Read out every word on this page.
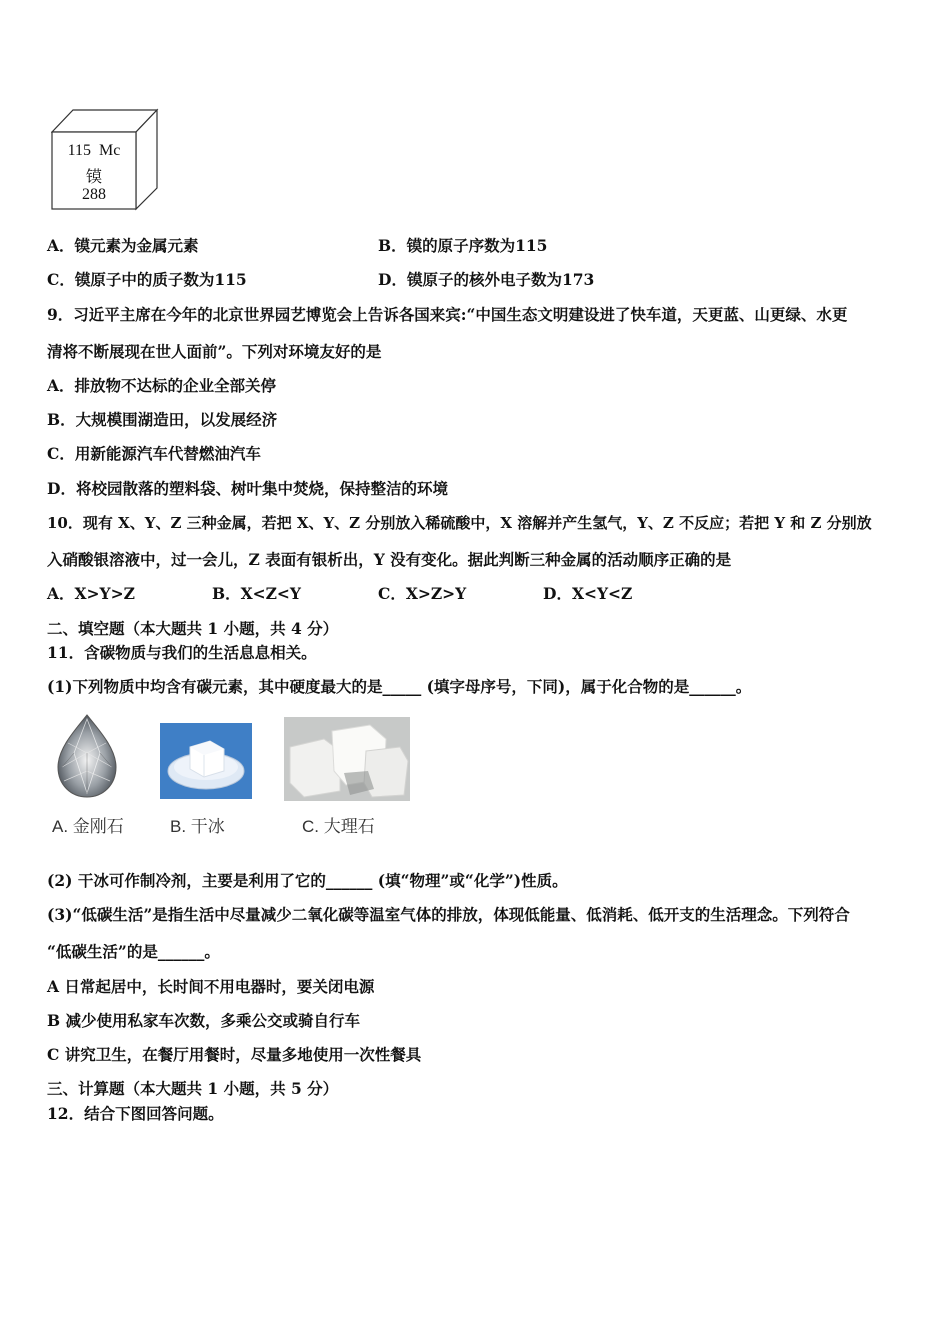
115 Mc
镆
288
A．镆元素为金属元素	B．镆的原子序数为115
C．镆原子中的质子数为115	D．镆原子的核外电子数为173
9．习近平主席在今年的北京世界园艺博览会上告诉各国来宾:“中国生态文明建设进了快车道，天更蓝、山更绿、水更
清将不断展现在世人面前”。下列对环境友好的是
A．排放物不达标的企业全部关停
B．大规模围湖造田，以发展经济
C．用新能源汽车代替燃油汽车
D．将校园散落的塑料袋、树叶集中焚烧，保持整洁的环境
10．现有 X、Y、Z 三种金属，若把 X、Y、Z 分别放入稀硫酸中，X 溶解并产生氢气，Y、Z 不反应；若把 Y 和 Z 分别放
入硝酸银溶液中，过一会儿，Z 表面有银析出，Y 没有变化。据此判断三种金属的活动顺序正确的是
A．X>Y>Z	B．X<Z<Y	C．X>Z>Y	D．X<Y<Z
二、填空题（本大题共 1 小题，共 4 分）
11．含碳物质与我们的生活息息相关。
(1)下列物质中均含有碳元素，其中硬度最大的是_____ (填字母序号，下同)，属于化合物的是______。
A. 金刚石	B. 干冰	C. 大理石
(2) 干冰可作制冷剂，主要是利用了它的______ (填“物理”或“化学”)性质。
(3)“低碳生活”是指生活中尽量减少二氧化碳等温室气体的排放，体现低能量、低消耗、低开支的生活理念。下列符合
“低碳生活”的是______。
A 日常起居中，长时间不用电器时，要关闭电源
B 减少使用私家车次数，多乘公交或骑自行车
C 讲究卫生，在餐厅用餐时，尽量多地使用一次性餐具
三、计算题（本大题共 1 小题，共 5 分）
12．结合下图回答问题。
